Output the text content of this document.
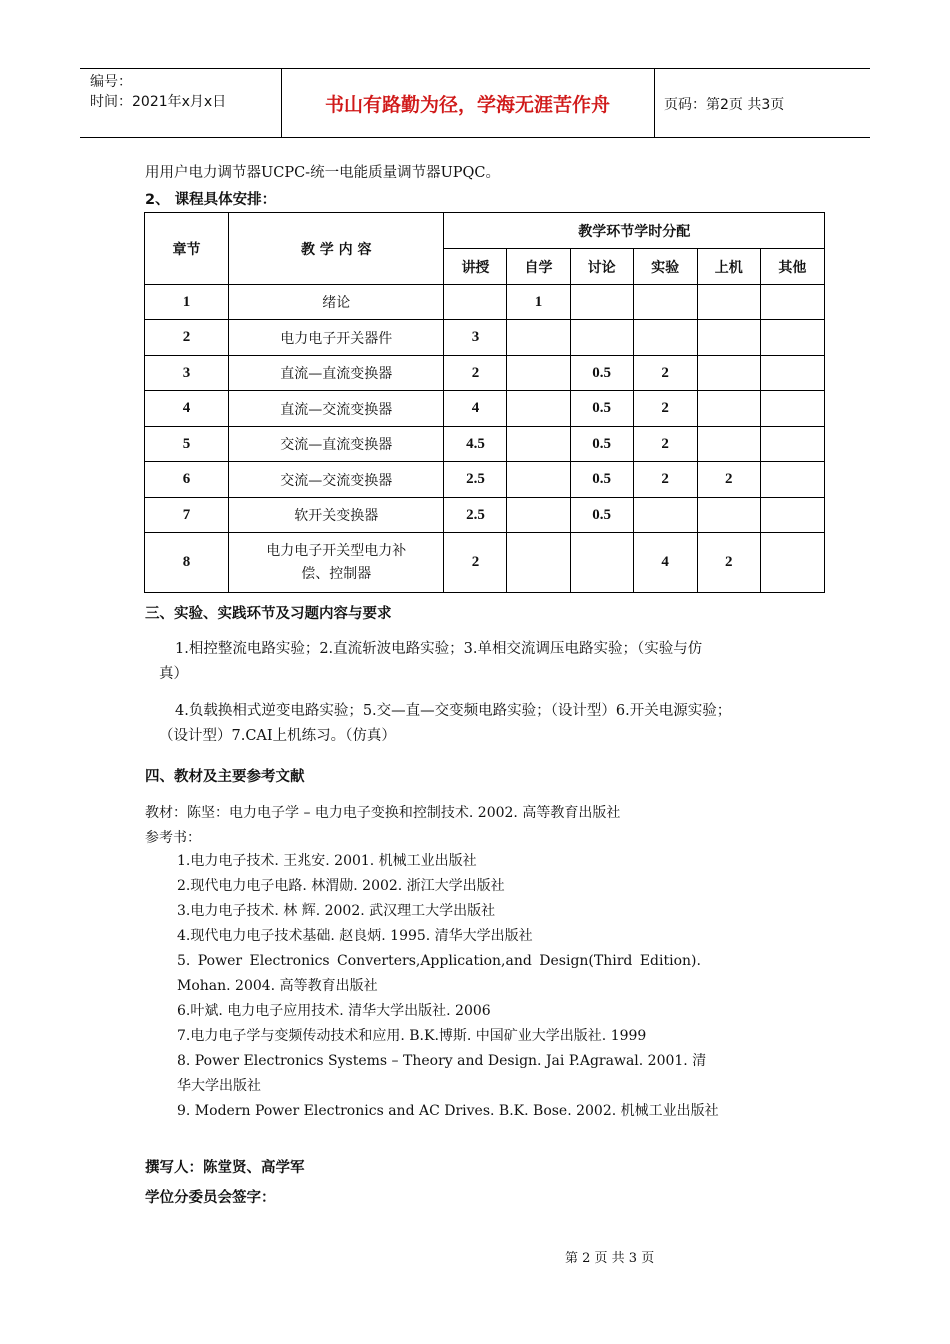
编号：
时间：2021年x月x日	书山有路勤为径，学海无涯苦作舟	页码：第2页 共3页
用用户电力调节器UCPC-统一电能质量调节器UPQC。
2、 课程具体安排：
章节	教 学 内 容	教学环节学时分配					
		讲授	自学	讨论	实验	上机	其他
1	绪论		1				
2	电力电子开关器件	3					
3	直流—直流变换器	2		0.5	2		
4	直流—交流变换器	4		0.5	2		
5	交流—直流变换器	4.5		0.5	2		
6	交流—交流变换器	2.5		0.5	2	2	
7	软开关变换器	2.5		0.5			
8	电力电子开关型电力补
偿、控制器	2			4	2	
三、实验、实践环节及习题内容与要求
1.相控整流电路实验；2.直流斩波电路实验；3.单相交流调压电路实验；（实验与仿
真）
4.负载换相式逆变电路实验；5.交—直—交变频电路实验；（设计型）6.开关电源实验；
（设计型）7.CAI上机练习。（仿真）
四、教材及主要参考文献
教材：陈坚：电力电子学 – 电力电子变换和控制技术. 2002. 高等教育出版社
参考书：
1.电力电子技术. 王兆安. 2001. 机械工业出版社
2.现代电力电子电路. 林渭勋. 2002. 浙江大学出版社
3.电力电子技术. 林 辉. 2002. 武汉理工大学出版社
4.现代电力电子技术基础. 赵良炳. 1995. 清华大学出版社
5. Power Electronics Converters,Application,and Design(Third Edition).
Mohan. 2004. 高等教育出版社
6.叶斌. 电力电子应用技术. 清华大学出版社. 2006
7.电力电子学与变频传动技术和应用. B.K.博斯. 中国矿业大学出版社. 1999
8. Power Electronics Systems – Theory and Design. Jai P.Agrawal. 2001. 清
华大学出版社
9. Modern Power Electronics and AC Drives. B.K. Bose. 2002. 机械工业出版社
撰写人：陈堂贤、高学军
学位分委员会签字：
第 2 页 共 3 页
